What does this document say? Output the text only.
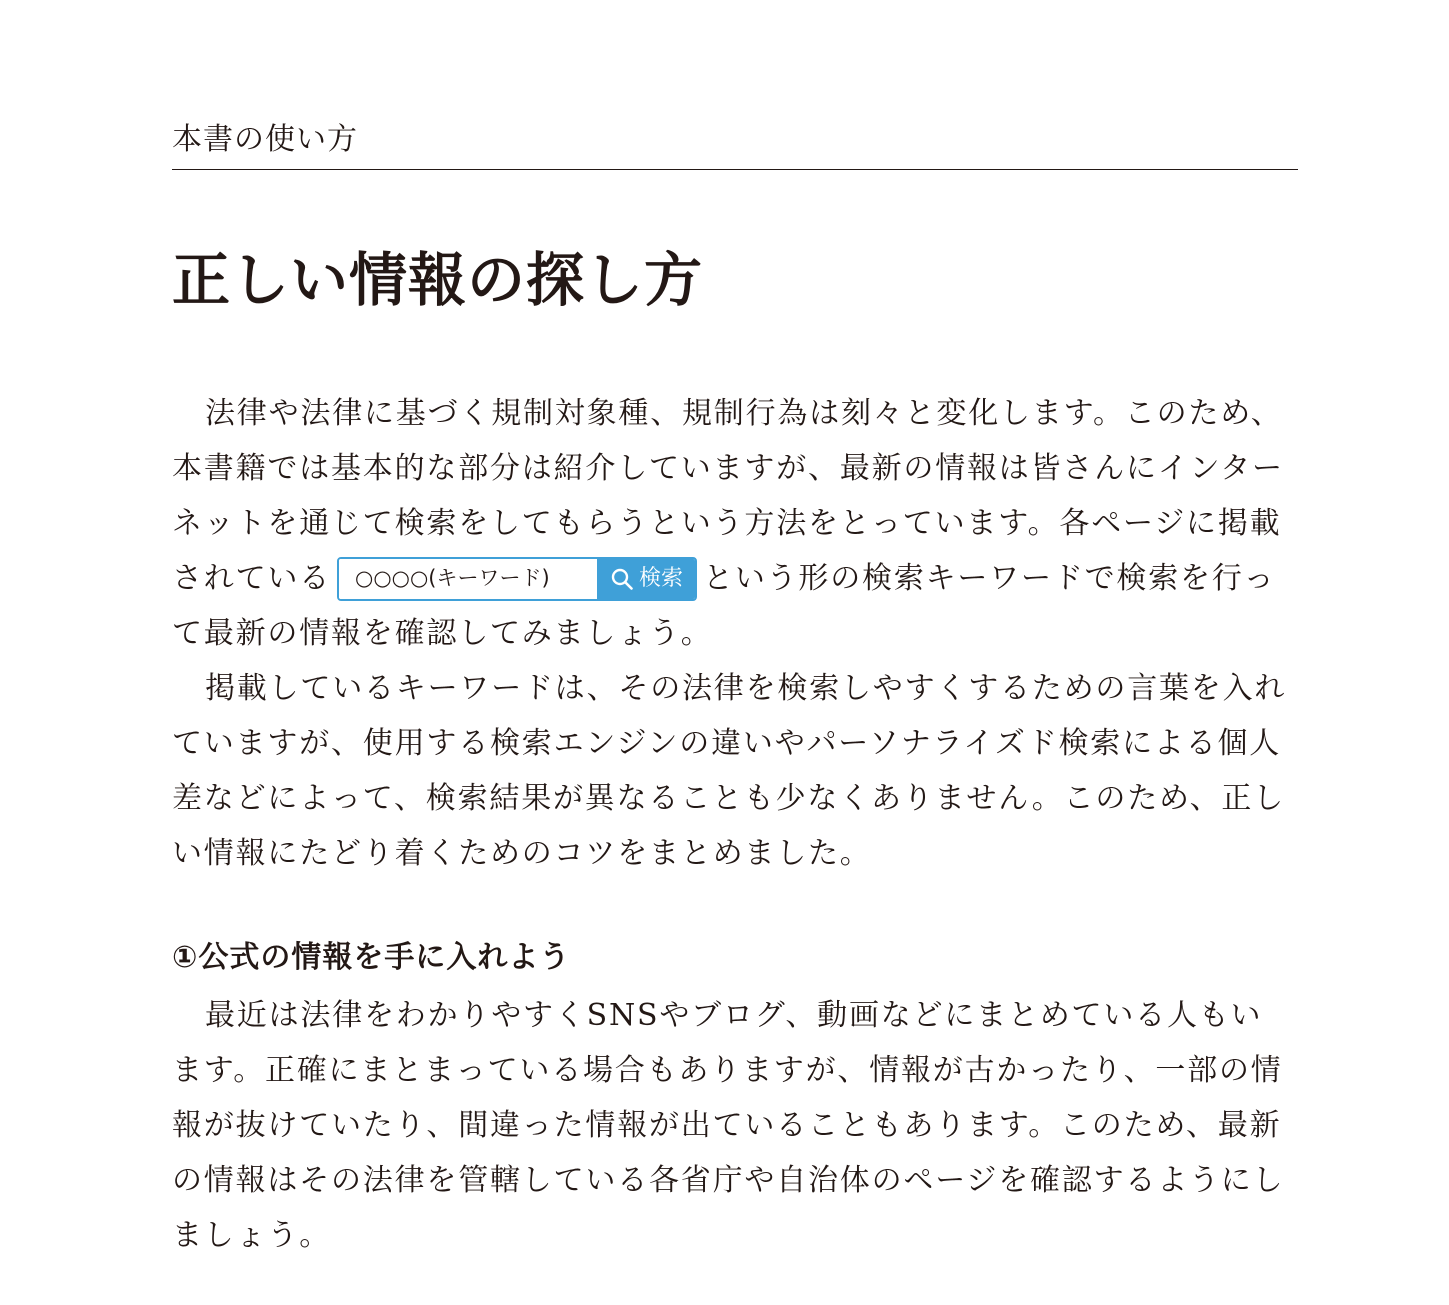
本書の使い方
正しい情報の探し方
法律や法律に基づく規制対象種、規制行為は刻々と変化します。このため、
本書籍では基本的な部分は紹介していますが、最新の情報は皆さんにインター
ネットを通じて検索をしてもらうという方法をとっています。各ページに掲載
されている	○○○○(キーワード)	検索 という形の検索キーワードで検索を行っ
て最新の情報を確認してみましょう。
掲載しているキーワードは、その法律を検索しやすくするための言葉を入れ
ていますが、使用する検索エンジンの違いやパーソナライズド検索による個人
差などによって、検索結果が異なることも少なくありません。このため、正し
い情報にたどり着くためのコツをまとめました。
①公式の情報を手に入れよう
最近は法律をわかりやすくSNSやブログ、動画などにまとめている人もい
ます。正確にまとまっている場合もありますが、情報が古かったり、一部の情
報が抜けていたり、間違った情報が出ていることもあります。このため、最新
の情報はその法律を管轄している各省庁や自治体のページを確認するようにし
ましょう。
